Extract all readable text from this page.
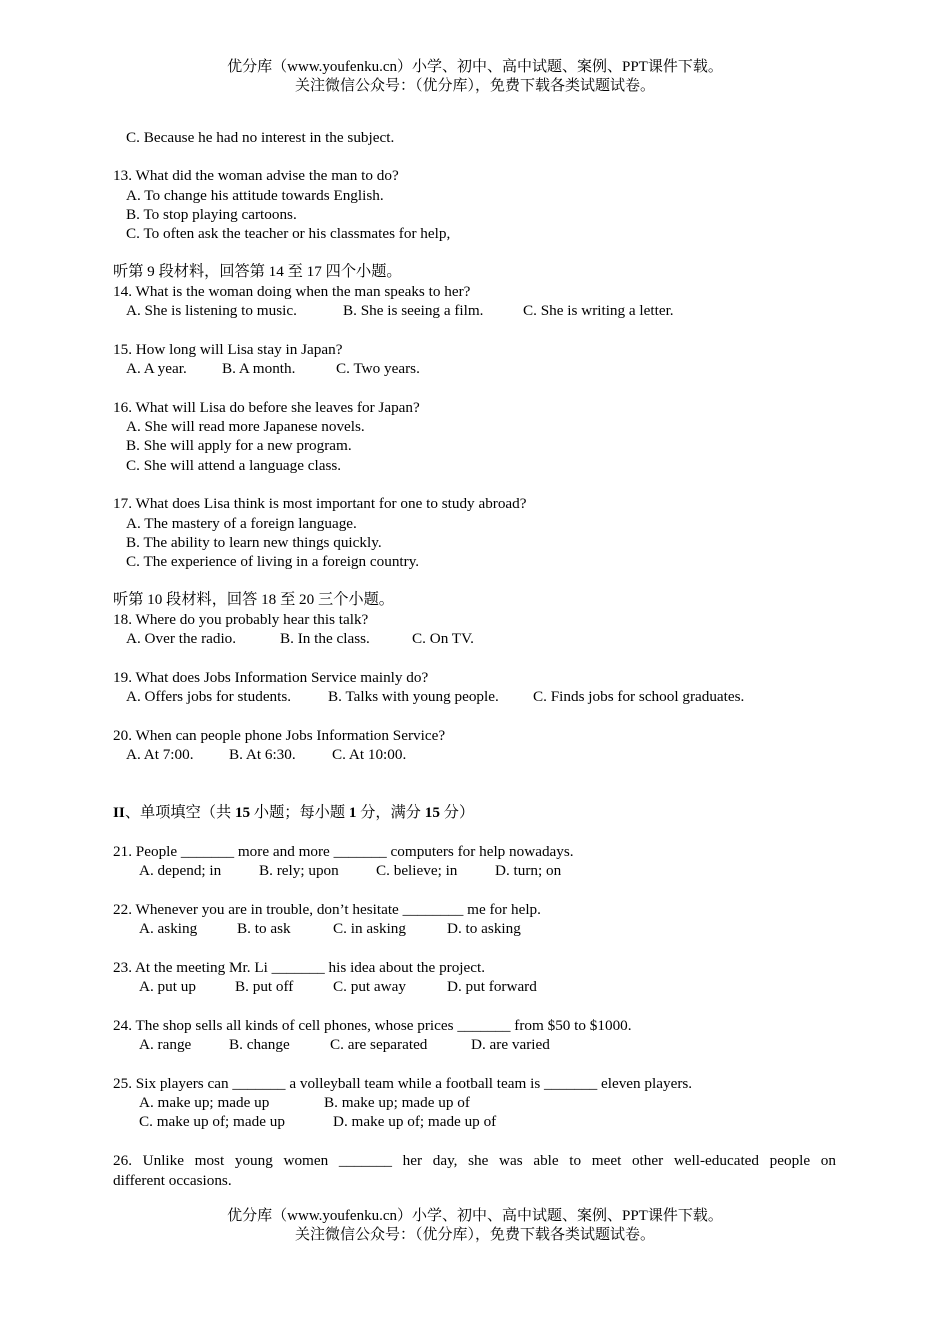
优分库（www.youfenku.cn）小学、初中、高中试题、案例、PPT课件下载。
关注微信公众号：（优分库），免费下载各类试题试卷。
C. Because he had no interest in the subject.
13. What did the woman advise the man to do?
A. To change his attitude towards English.
B. To stop playing cartoons.
C. To often ask the teacher or his classmates for help,
听第 9 段材料，回答第 14 至 17 四个小题。
14. What is the woman doing when the man speaks to her?
A. She is listening to music.	B. She is seeing a film.	C. She is writing a letter.
15. How long will Lisa stay in Japan?
A. A year. B. A month.	C. Two years.
16. What will Lisa do before she leaves for Japan?
A. She will read more Japanese novels.
B. She will apply for a new program.
C. She will attend a language class.
17. What does Lisa think is most important for one to study abroad?
A. The mastery of a foreign language.
B. The ability to learn new things quickly.
C. The experience of living in a foreign country.
听第 10 段材料，回答 18 至 20 三个小题。
18. Where do you probably hear this talk?
A. Over the radio.	B. In the class.	C. On TV.
19. What does Jobs Information Service mainly do?
A. Offers jobs for students. B. Talks with young people. C. Finds jobs for school graduates.
20. When can people phone Jobs Information Service?
A. At 7:00. B. At 6:30. C. At 10:00.
II、单项填空（共 15 小题；每小题 1 分，满分 15 分）
21. People _______ more and more _______ computers for help nowadays.
A. depend; in B. rely; upon C. believe; in D. turn; on
22. Whenever you are in trouble, don’t hesitate ________ me for help.
A. asking	B. to ask	C. in asking	D. to asking
23. At the meeting Mr. Li _______ his idea about the project.
A. put up	B. put off	C. put away	D. put forward
24. The shop sells all kinds of cell phones, whose prices _______ from $50 to $1000.
A. range B. change	C. are separated	D. are varied
25. Six players can _______ a volleyball team while a football team is _______ eleven players.
A. make up; made up	B. make up; made up of
C. make up of; made up	D. make up of; made up of
26. Unlike most young women _______ her day, she was able to meet other well-educated people on
different occasions.
优分库（www.youfenku.cn）小学、初中、高中试题、案例、PPT课件下载。
关注微信公众号：（优分库），免费下载各类试题试卷。
